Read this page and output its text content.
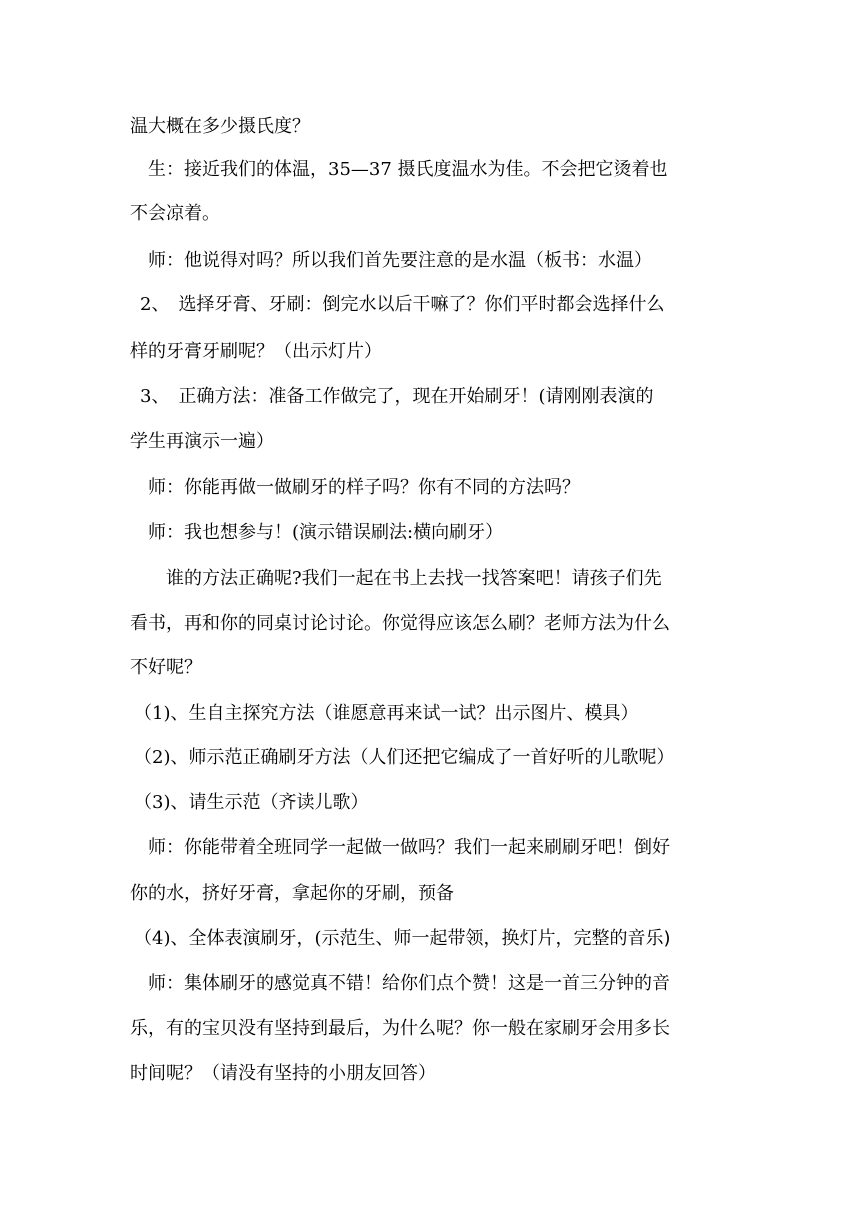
温大概在多少摄氏度？
生：接近我们的体温，35—37 摄氏度温水为佳。不会把它烫着也
不会凉着。
师：他说得对吗？所以我们首先要注意的是水温（板书：水温）
2、　选择牙膏、牙刷：倒完水以后干嘛了？你们平时都会选择什么
样的牙膏牙刷呢？（出示灯片）
3、　正确方法：准备工作做完了，现在开始刷牙！(请刚刚表演的
学生再演示一遍）
师：你能再做一做刷牙的样子吗？你有不同的方法吗？
师：我也想参与！(演示错误刷法:横向刷牙）
谁的方法正确呢?我们一起在书上去找一找答案吧！请孩子们先
看书，再和你的同桌讨论讨论。你觉得应该怎么刷？老师方法为什么
不好呢？
（1)、生自主探究方法（谁愿意再来试一试？出示图片、模具）
（2)、师示范正确刷牙方法（人们还把它编成了一首好听的儿歌呢）
（3)、请生示范（齐读儿歌）
师：你能带着全班同学一起做一做吗？我们一起来刷刷牙吧！倒好
你的水，挤好牙膏，拿起你的牙刷，预备
（4)、全体表演刷牙，(示范生、师一起带领，换灯片，完整的音乐)
师：集体刷牙的感觉真不错！给你们点个赞！这是一首三分钟的音
乐，有的宝贝没有坚持到最后，为什么呢？你一般在家刷牙会用多长
时间呢？（请没有坚持的小朋友回答）
